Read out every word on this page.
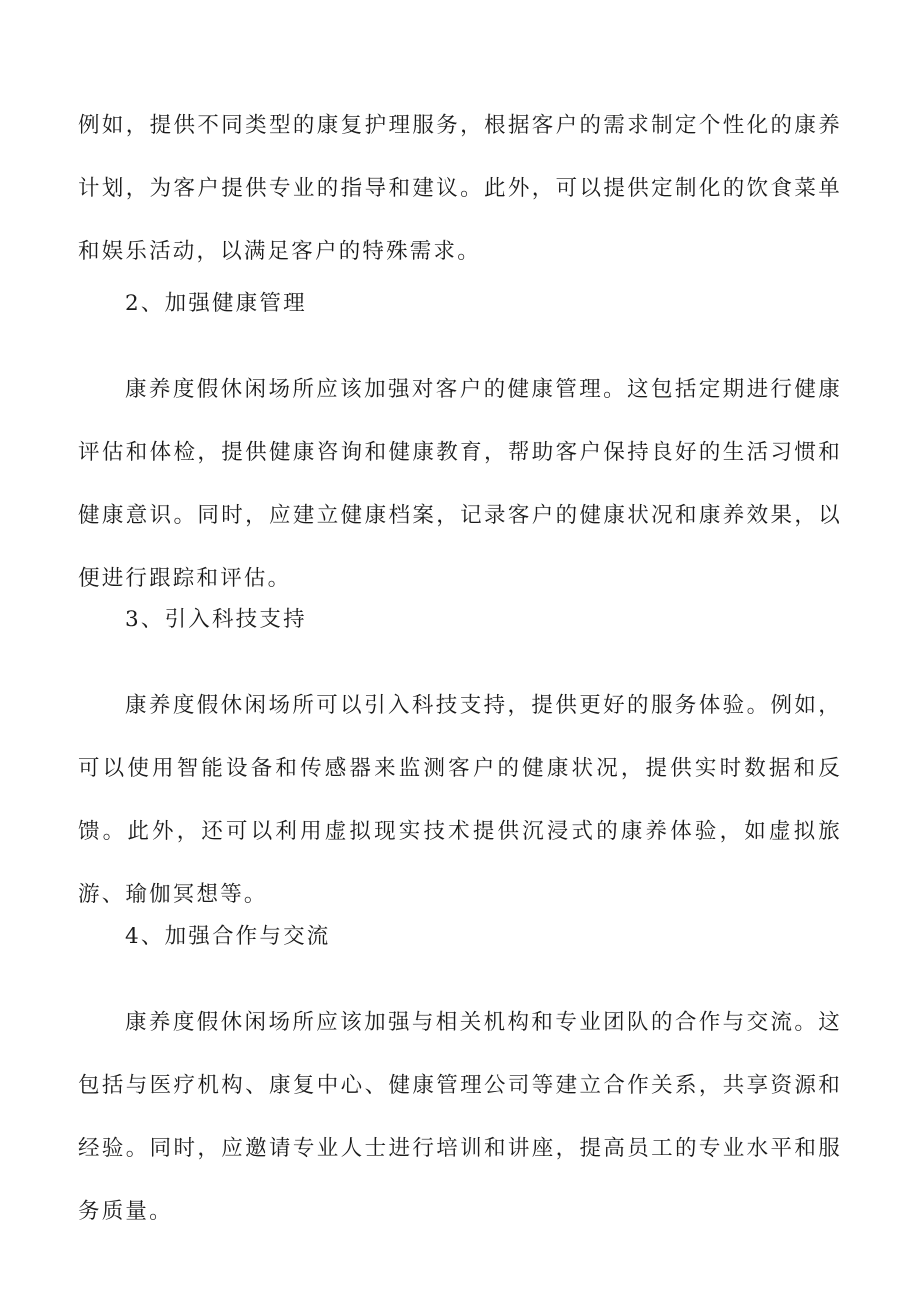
例如，提供不同类型的康复护理服务，根据客户的需求制定个性化的康养计划，为客户提供专业的指导和建议。此外，可以提供定制化的饮食菜单和娱乐活动，以满足客户的特殊需求。

2、加强健康管理

康养度假休闲场所应该加强对客户的健康管理。这包括定期进行健康评估和体检，提供健康咨询和健康教育，帮助客户保持良好的生活习惯和健康意识。同时，应建立健康档案，记录客户的健康状况和康养效果，以便进行跟踪和评估。

3、引入科技支持

康养度假休闲场所可以引入科技支持，提供更好的服务体验。例如，可以使用智能设备和传感器来监测客户的健康状况，提供实时数据和反馈。此外，还可以利用虚拟现实技术提供沉浸式的康养体验，如虚拟旅游、瑜伽冥想等。

4、加强合作与交流

康养度假休闲场所应该加强与相关机构和专业团队的合作与交流。这包括与医疗机构、康复中心、健康管理公司等建立合作关系，共享资源和经验。同时，应邀请专业人士进行培训和讲座，提高员工的专业水平和服务质量。
